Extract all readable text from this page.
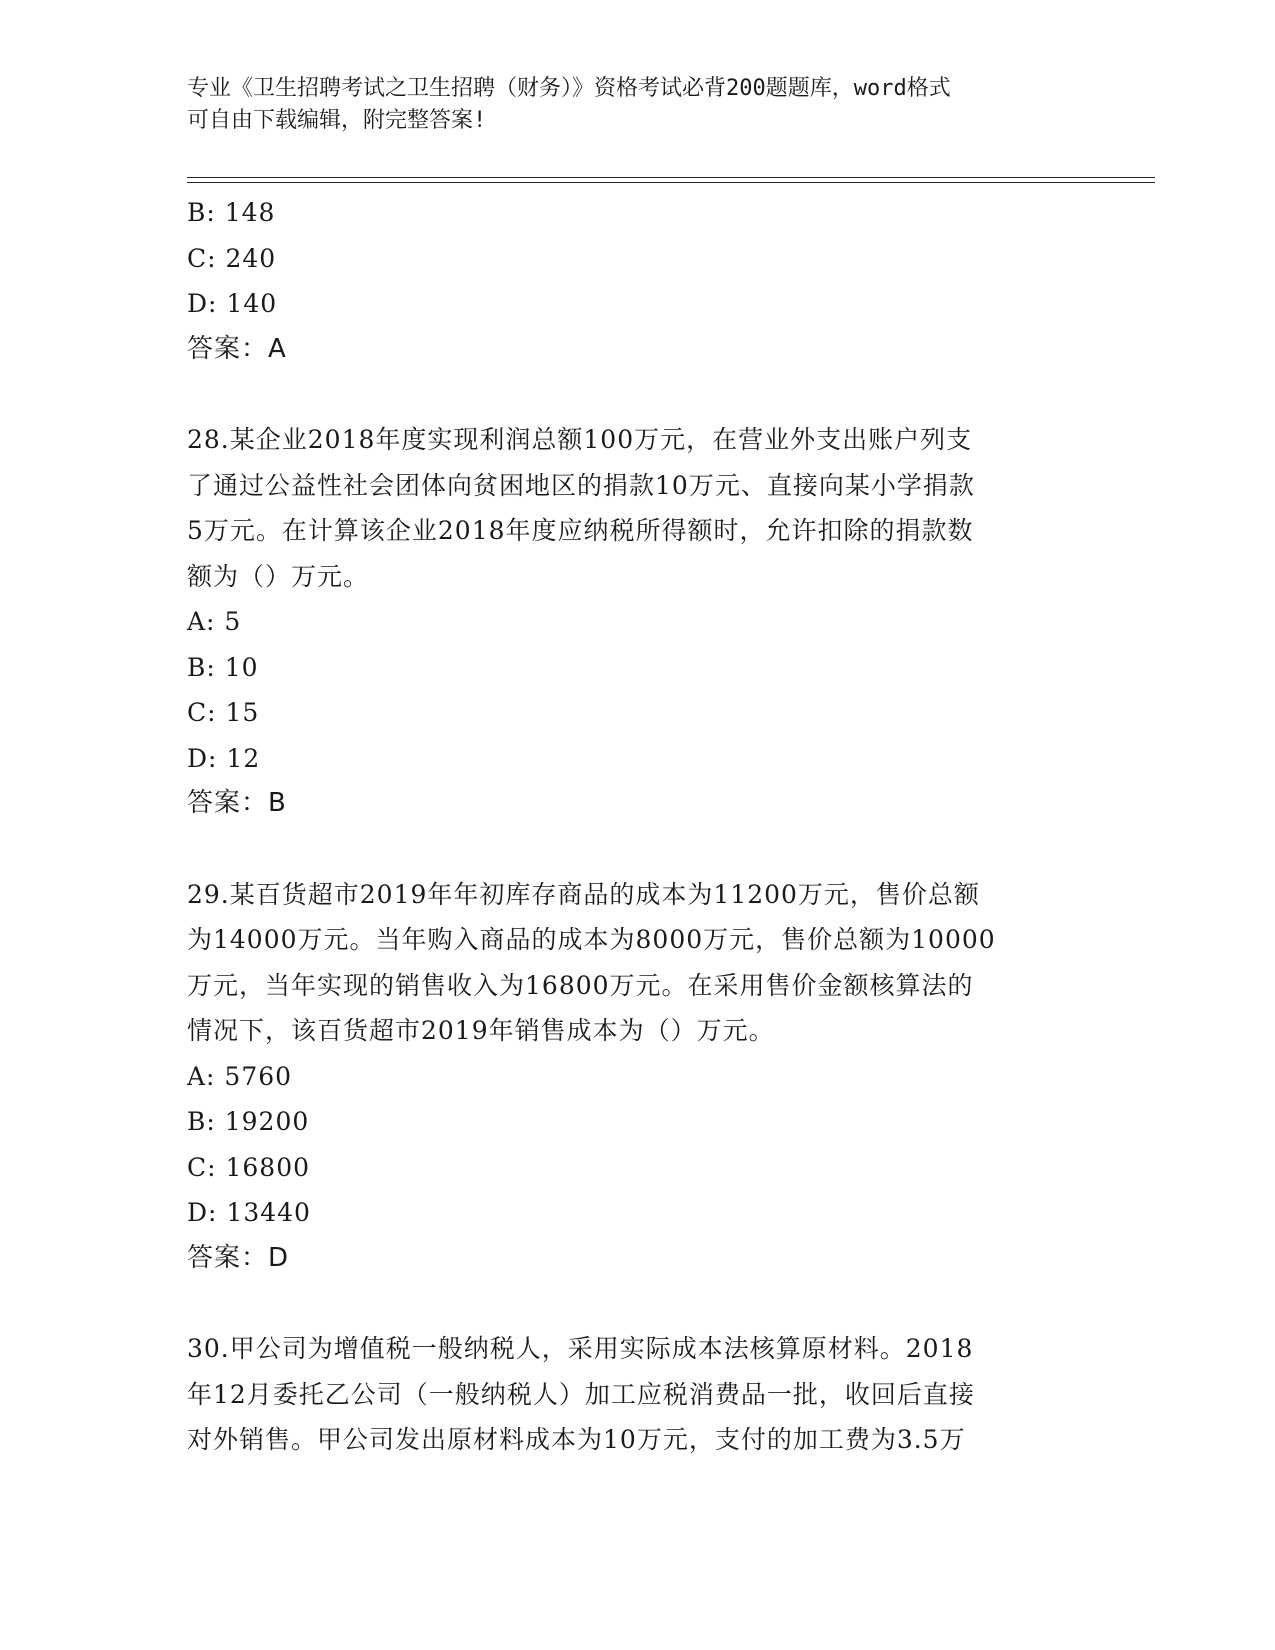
专业《卫生招聘考试之卫生招聘（财务）》资格考试必背200题题库，word格式
可自由下载编辑，附完整答案!
B: 148
C: 240
D: 140
答案：A
28.某企业2018年度实现利润总额100万元，在营业外支出账户列支
了通过公益性社会团体向贫困地区的捐款10万元、直接向某小学捐款
5万元。在计算该企业2018年度应纳税所得额时，允许扣除的捐款数
额为（）万元。
A: 5
B: 10
C: 15
D: 12
答案：B
29.某百货超市2019年年初库存商品的成本为11200万元，售价总额
为14000万元。当年购入商品的成本为8000万元，售价总额为10000
万元，当年实现的销售收入为16800万元。在采用售价金额核算法的
情况下，该百货超市2019年销售成本为（）万元。
A: 5760
B: 19200
C: 16800
D: 13440
答案：D
30.甲公司为增值税一般纳税人，采用实际成本法核算原材料。2018
年12月委托乙公司（一般纳税人）加工应税消费品一批，收回后直接
对外销售。甲公司发出原材料成本为10万元，支付的加工费为3.5万
